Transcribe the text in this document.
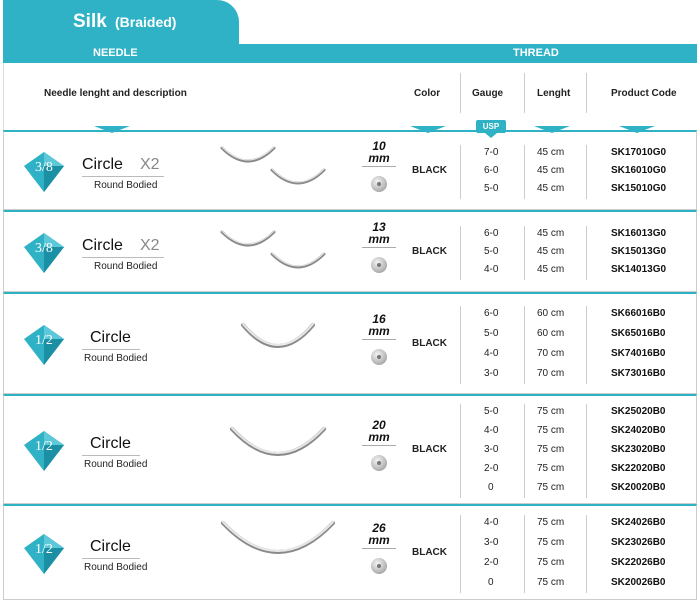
Silk (Braided)
NEEDLE	THREAD
Needle lenght and description	Color	Gauge	Lenght	Product Code
USP
3/8	Circle X2
Round Bodied
10
mm
BLACK
7-0	45 cm	SK17010G0
6-0	45 cm	SK16010G0
5-0	45 cm	SK15010G0
3/8	Circle X2
Round Bodied
13
mm
BLACK
6-0	45 cm	SK16013G0
5-0	45 cm	SK15013G0
4-0	45 cm	SK14013G0
1/2	Circle
Round Bodied
16
mm
BLACK
6-0	60 cm	SK66016B0
5-0	60 cm	SK65016B0
4-0	70 cm	SK74016B0
3-0	70 cm	SK73016B0
1/2	Circle
Round Bodied
20
mm
BLACK
5-0	75 cm	SK25020B0
4-0	75 cm	SK24020B0
3-0	75 cm	SK23020B0
2-0	75 cm	SK22020B0
0	75 cm	SK20020B0
1/2	Circle
Round Bodied
26
mm
BLACK
4-0	75 cm	SK24026B0
3-0	75 cm	SK23026B0
2-0	75 cm	SK22026B0
0	75 cm	SK20026B0
